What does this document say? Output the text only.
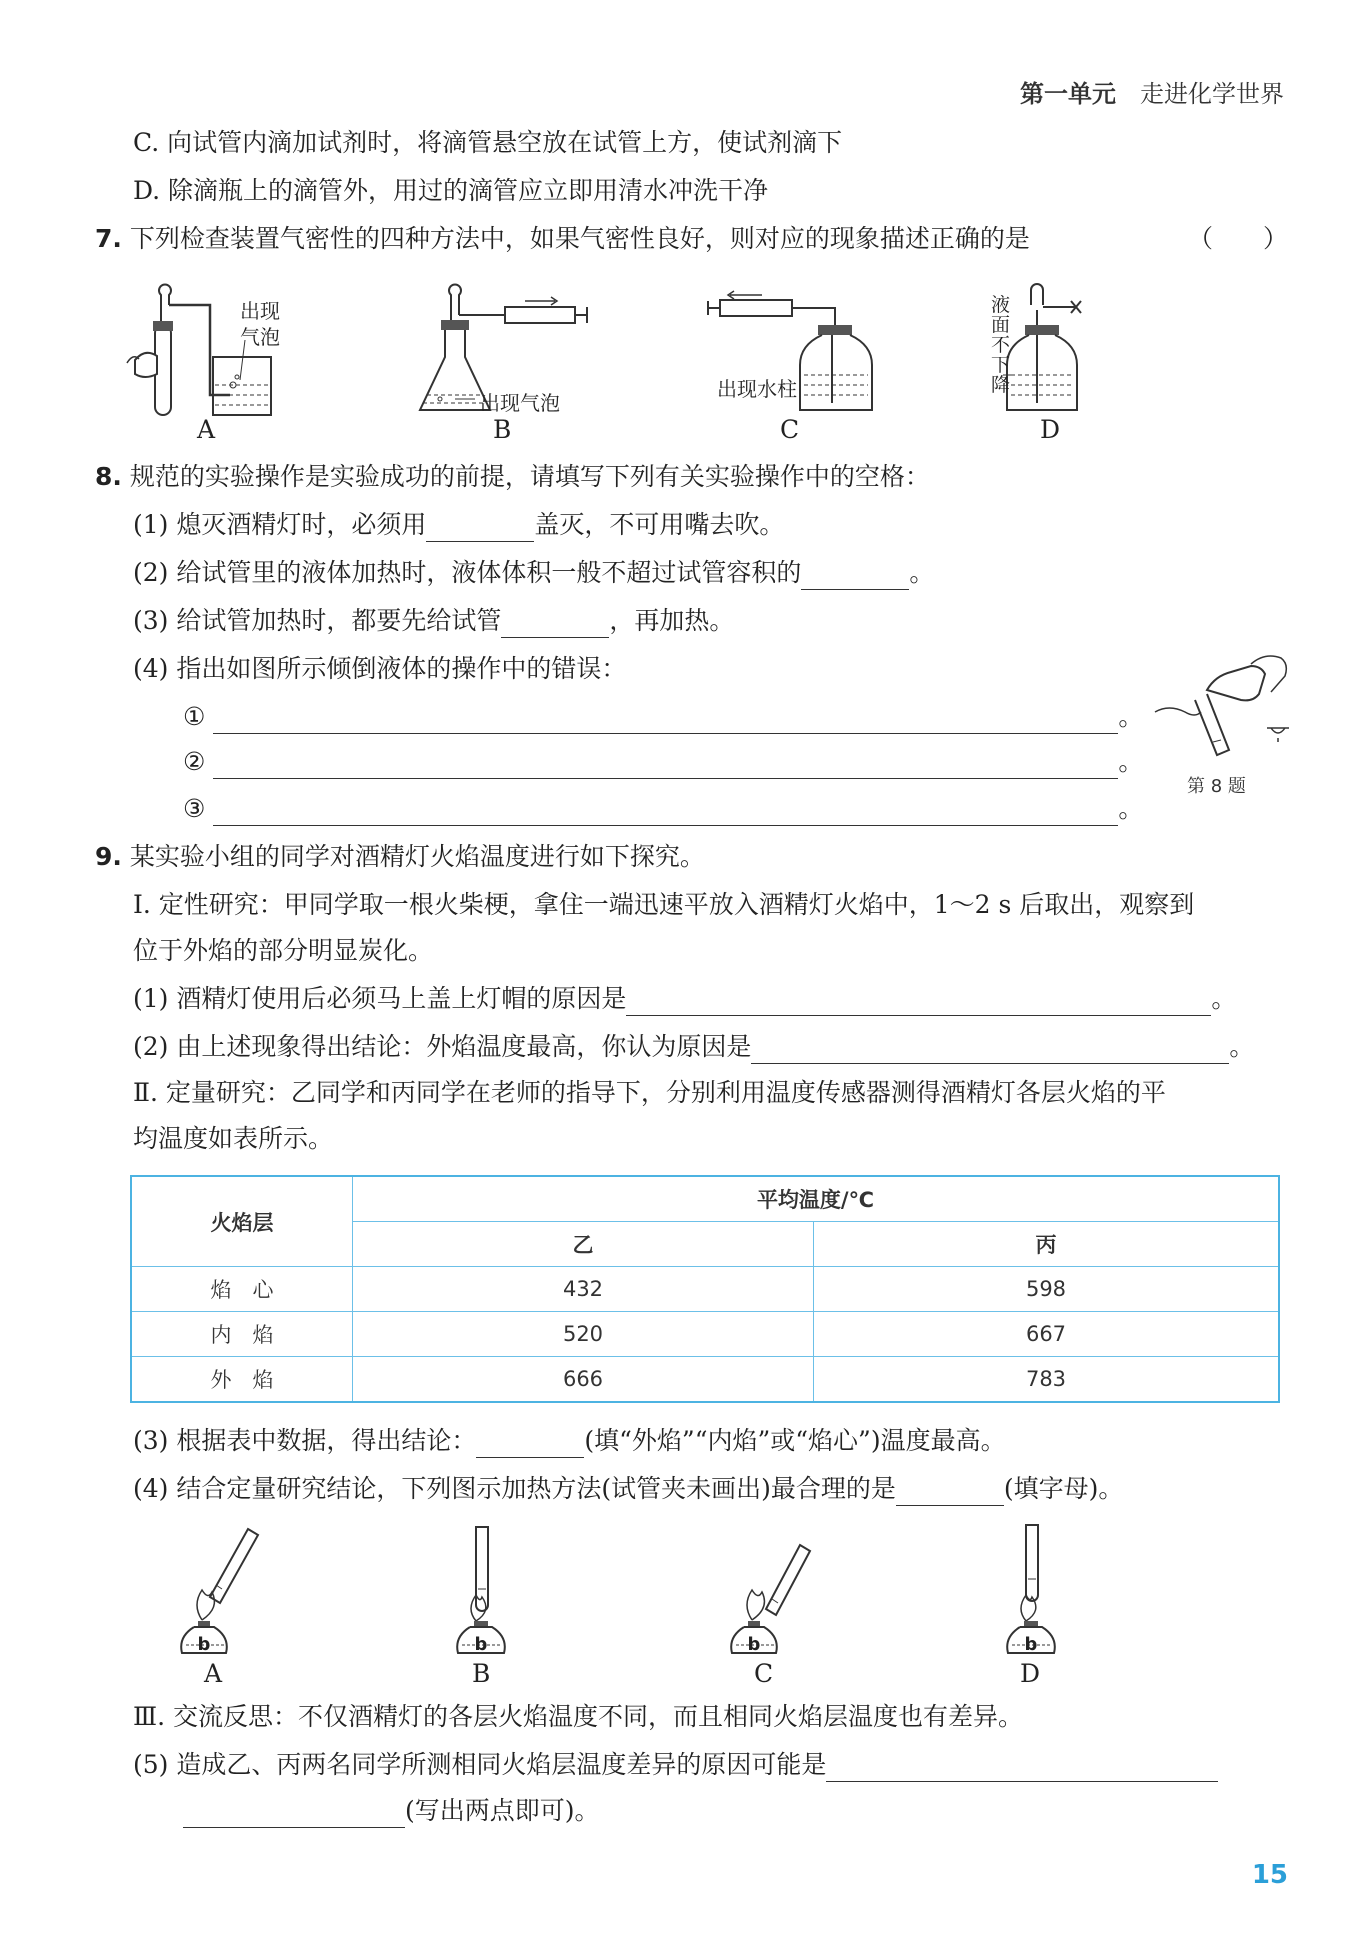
第一单元 走进化学世界
C. 向试管内滴加试剂时，将滴管悬空放在试管上方，使试剂滴下
D. 除滴瓶上的滴管外，用过的滴管应立即用清水冲洗干净
7. 下列检查装置气密性的四种方法中，如果气密性良好，则对应的现象描述正确的是	（　　）
出现
气泡
A
出现气泡
B
出现水柱
C
液
面
不
下
降
D
8. 规范的实验操作是实验成功的前提，请填写下列有关实验操作中的空格：
(1) 熄灭酒精灯时，必须用	盖灭，不可用嘴去吹。
(2) 给试管里的液体加热时，液体体积一般不超过试管容积的	。
(3) 给试管加热时，都要先给试管	，再加热。
(4) 指出如图所示倾倒液体的操作中的错误：
①	。
②	。
③	。
第 8 题
9. 某实验小组的同学对酒精灯火焰温度进行如下探究。
Ⅰ. 定性研究：甲同学取一根火柴梗，拿住一端迅速平放入酒精灯火焰中，1～2 s 后取出，观察到
位于外焰的部分明显炭化。
(1) 酒精灯使用后必须马上盖上灯帽的原因是	。
(2) 由上述现象得出结论：外焰温度最高，你认为原因是	。
Ⅱ. 定量研究：乙同学和丙同学在老师的指导下，分别利用温度传感器测得酒精灯各层火焰的平
均温度如表所示。
火焰层	平均温度/℃	
	乙	丙
焰　心	432	598
内　焰	520	667
外　焰	666	783
(3) 根据表中数据，得出结论：	(填“外焰”“内焰”或“焰心”)温度最高。
(4) 结合定量研究结论，下列图示加热方法(试管夹未画出)最合理的是	(填字母)。
b
A
b
B
b
C
b
D
Ⅲ. 交流反思：不仅酒精灯的各层火焰温度不同，而且相同火焰层温度也有差异。
(5) 造成乙、丙两名同学所测相同火焰层温度差异的原因可能是
(写出两点即可)。
15
